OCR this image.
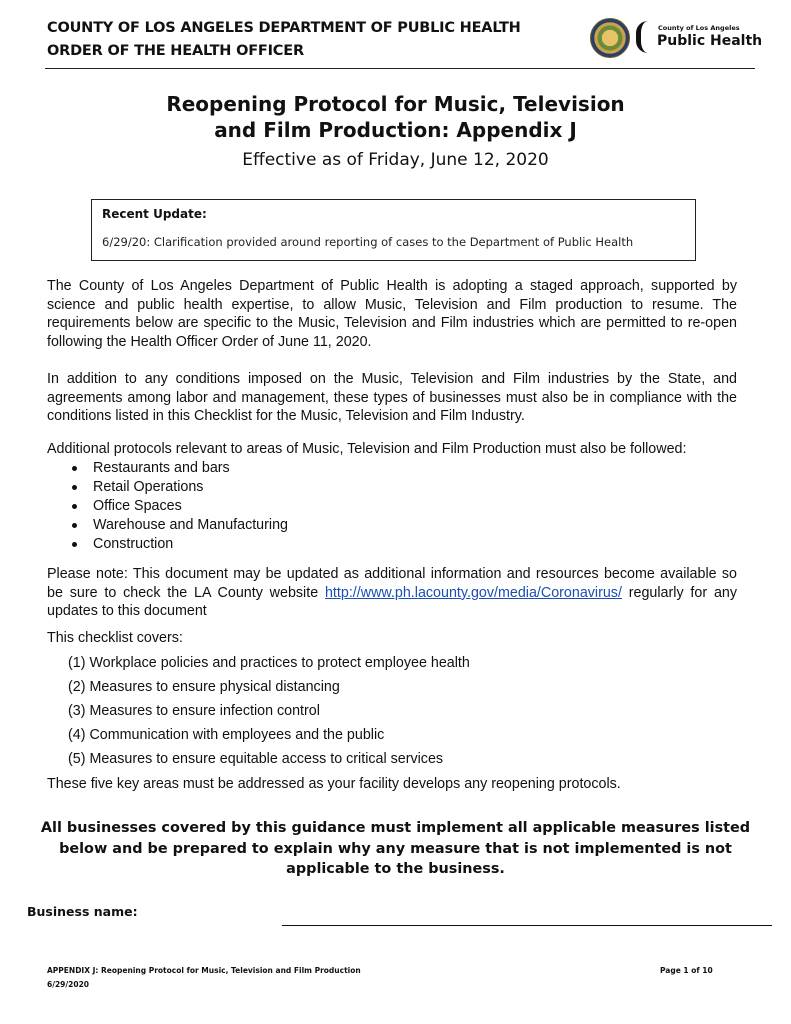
COUNTY OF LOS ANGELES DEPARTMENT OF PUBLIC HEALTH
ORDER OF THE HEALTH OFFICER
County of Los Angeles
Public Health
Reopening Protocol for Music, Television
and Film Production: Appendix J
Effective as of Friday, June 12, 2020
Recent Update:
6/29/20: Clarification provided around reporting of cases to the Department of Public Health

The County of Los Angeles Department of Public Health is adopting a staged approach, supported by science and public health expertise, to allow Music, Television and Film production to resume. The requirements below are specific to the Music, Television and Film industries which are permitted to re-open following the Health Officer Order of June 11, 2020.

In addition to any conditions imposed on the Music, Television and Film industries by the State, and agreements among labor and management, these types of businesses must also be in compliance with the conditions listed in this Checklist for the Music, Television and Film Industry.

Additional protocols relevant to areas of Music, Television and Film Production must also be followed:

Restaurants and bars
Retail Operations
Office Spaces
Warehouse and Manufacturing
Construction

Please note: This document may be updated as additional information and resources become available so be sure to check the LA County website http://www.ph.lacounty.gov/media/Coronavirus/ regularly for any updates to this document

This checklist covers:

(1) Workplace policies and practices to protect employee health
(2) Measures to ensure physical distancing
(3) Measures to ensure infection control
(4) Communication with employees and the public
(5) Measures to ensure equitable access to critical services

These five key areas must be addressed as your facility develops any reopening protocols.

All businesses covered by this guidance must implement all applicable measures listed below and be prepared to explain why any measure that is not implemented is not applicable to the business.
Business name:
APPENDIX J: Reopening Protocol for Music, Television and Film Production
6/29/2020
Page 1 of 10
